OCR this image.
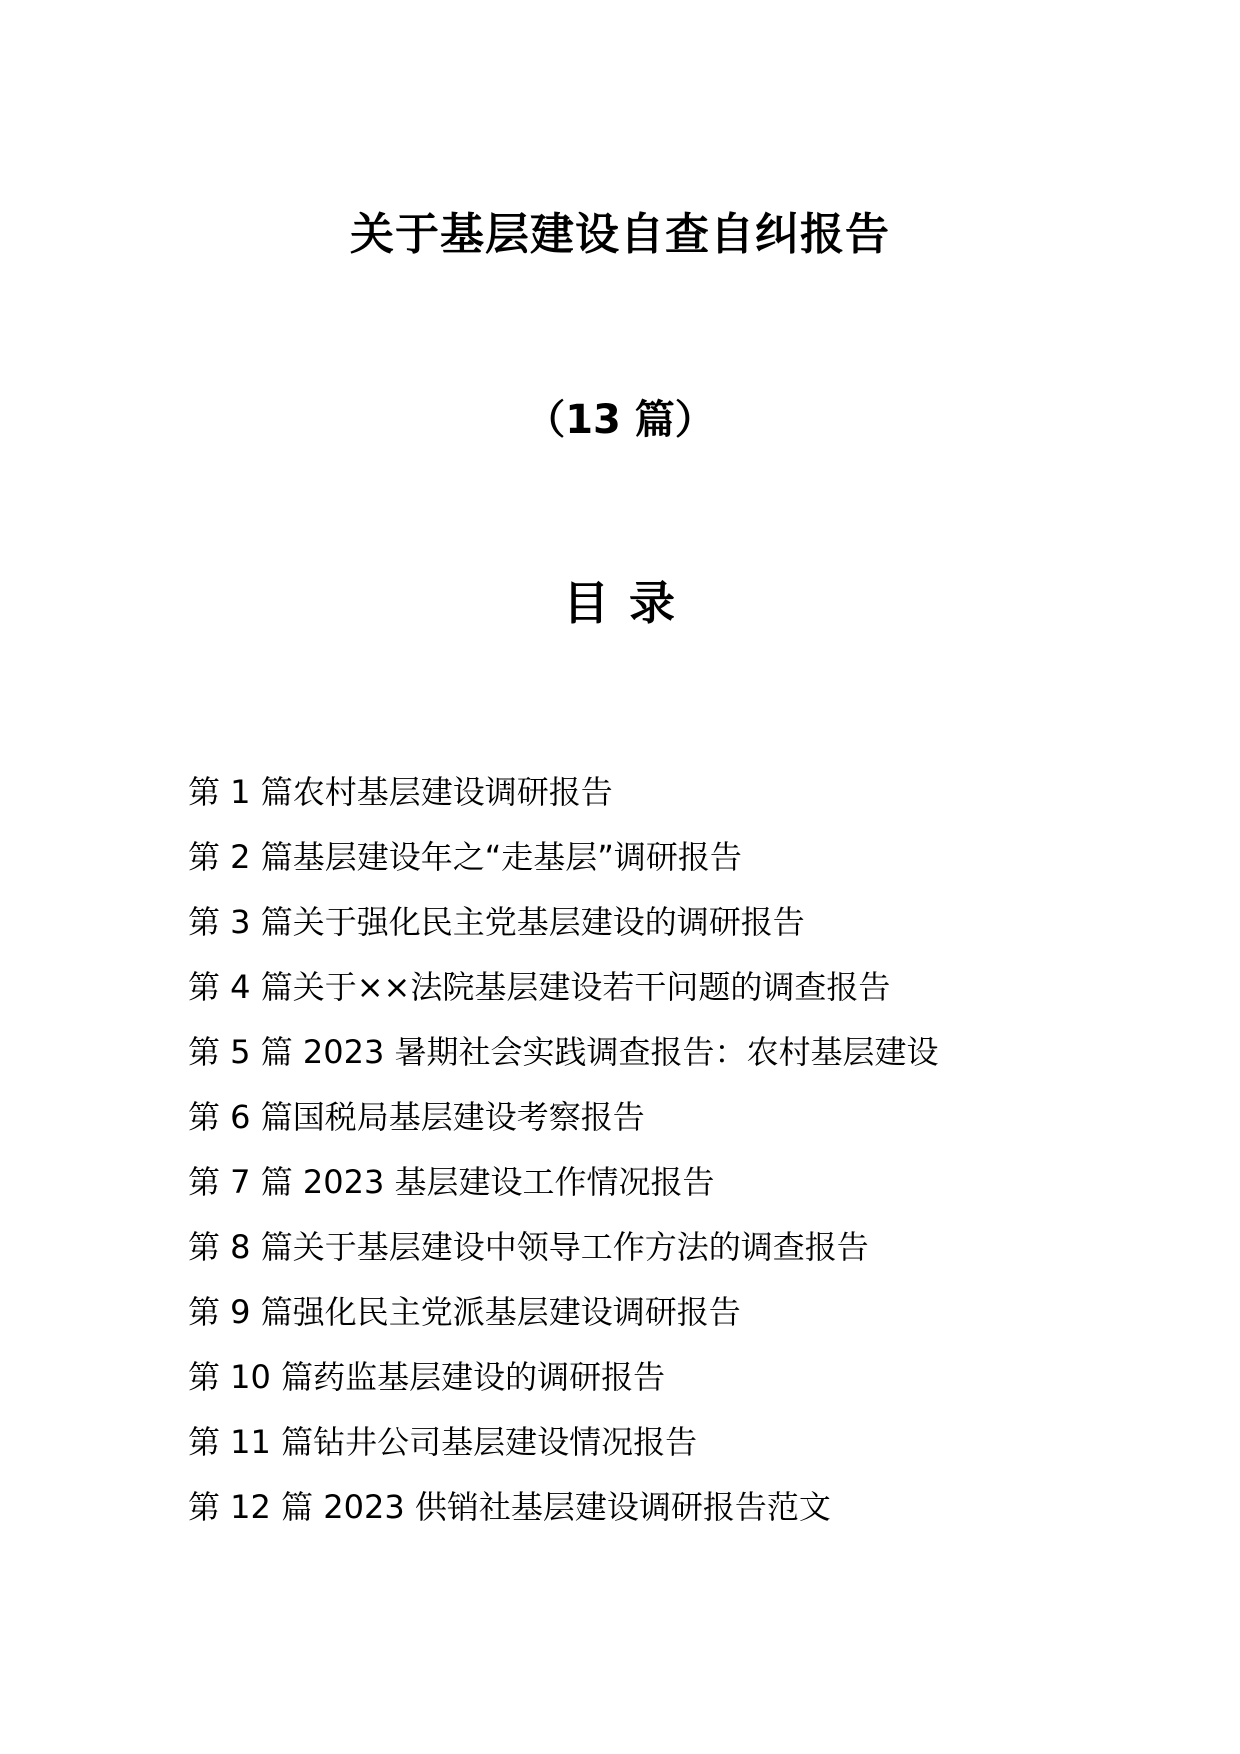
关于基层建设自查自纠报告
（13 篇）
目 录
第 1 篇农村基层建设调研报告
第 2 篇基层建设年之“走基层”调研报告
第 3 篇关于强化民主党基层建设的调研报告
第 4 篇关于××法院基层建设若干问题的调查报告
第 5 篇 2023 暑期社会实践调查报告：农村基层建设
第 6 篇国税局基层建设考察报告
第 7 篇 2023 基层建设工作情况报告
第 8 篇关于基层建设中领导工作方法的调查报告
第 9 篇强化民主党派基层建设调研报告
第 10 篇药监基层建设的调研报告
第 11 篇钻井公司基层建设情况报告
第 12 篇 2023 供销社基层建设调研报告范文
